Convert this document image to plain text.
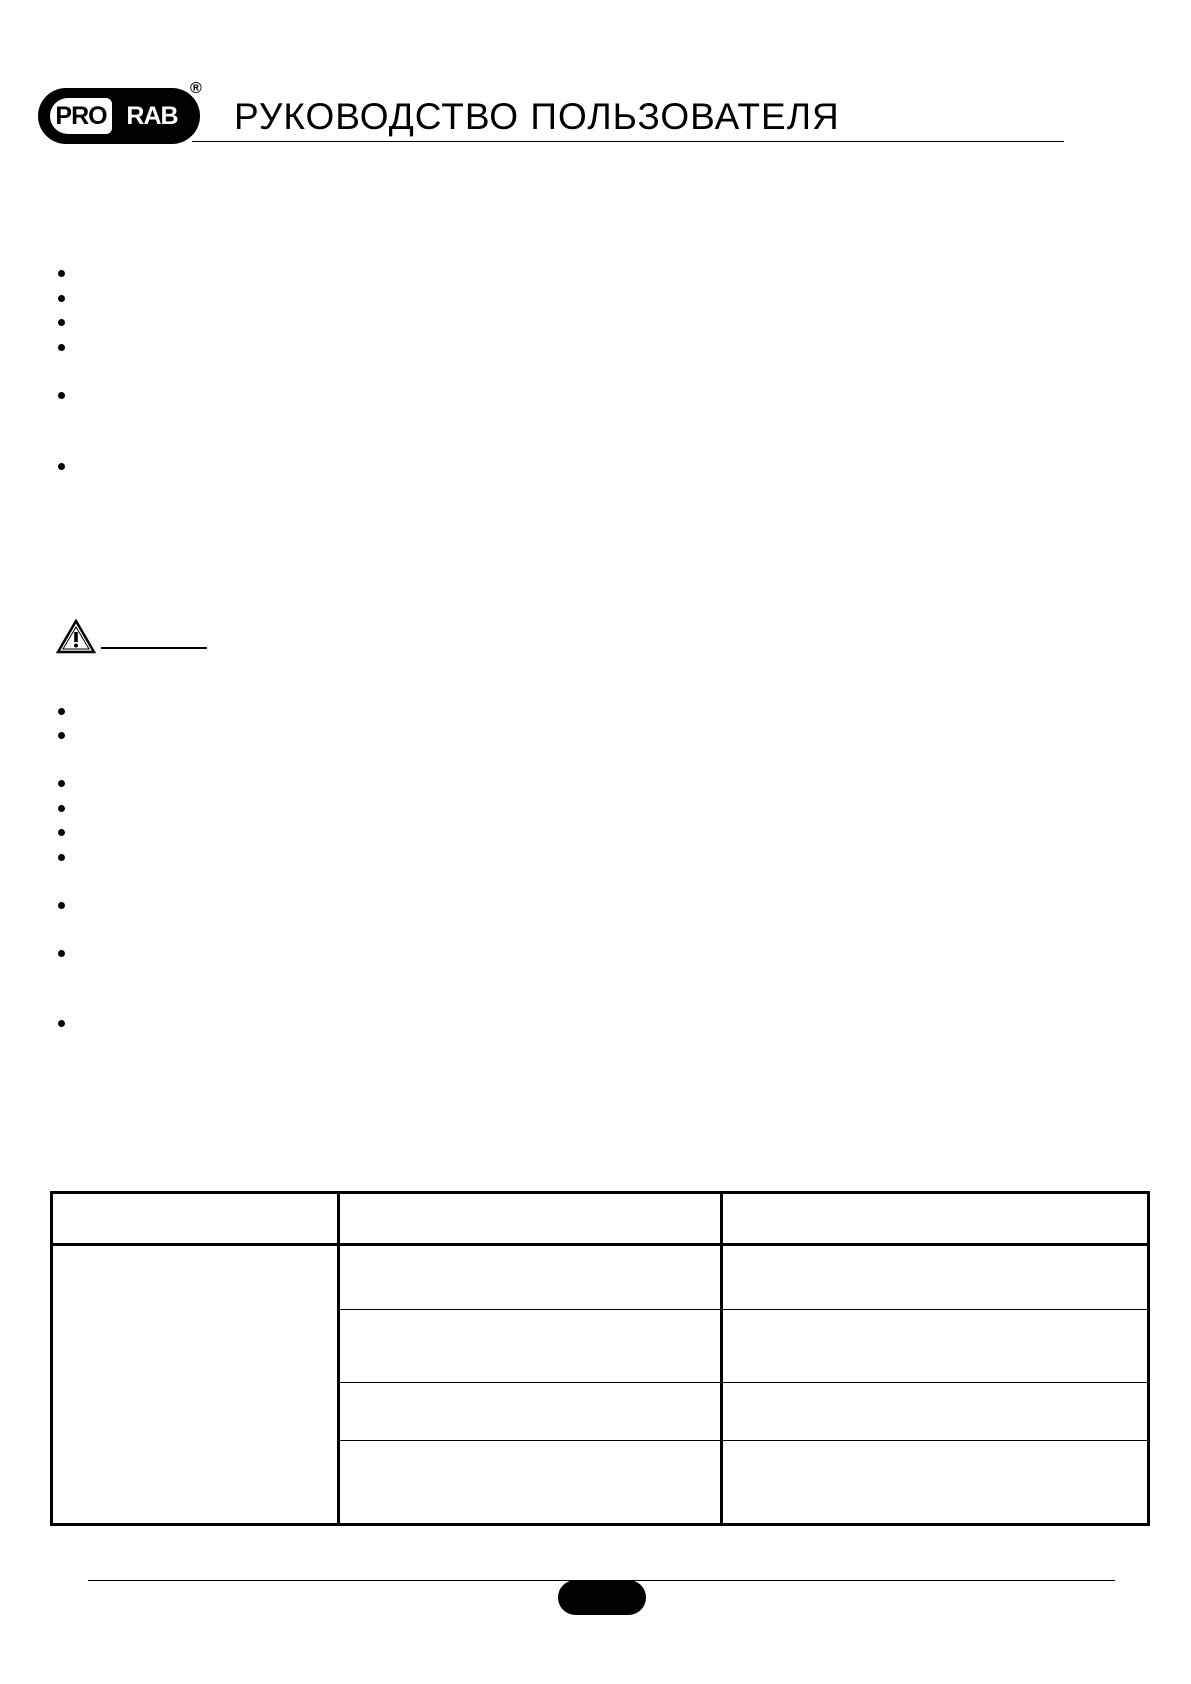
PRO RAB
®
РУКОВОДСТВО ПОЛЬЗОВАТЕЛЯ
